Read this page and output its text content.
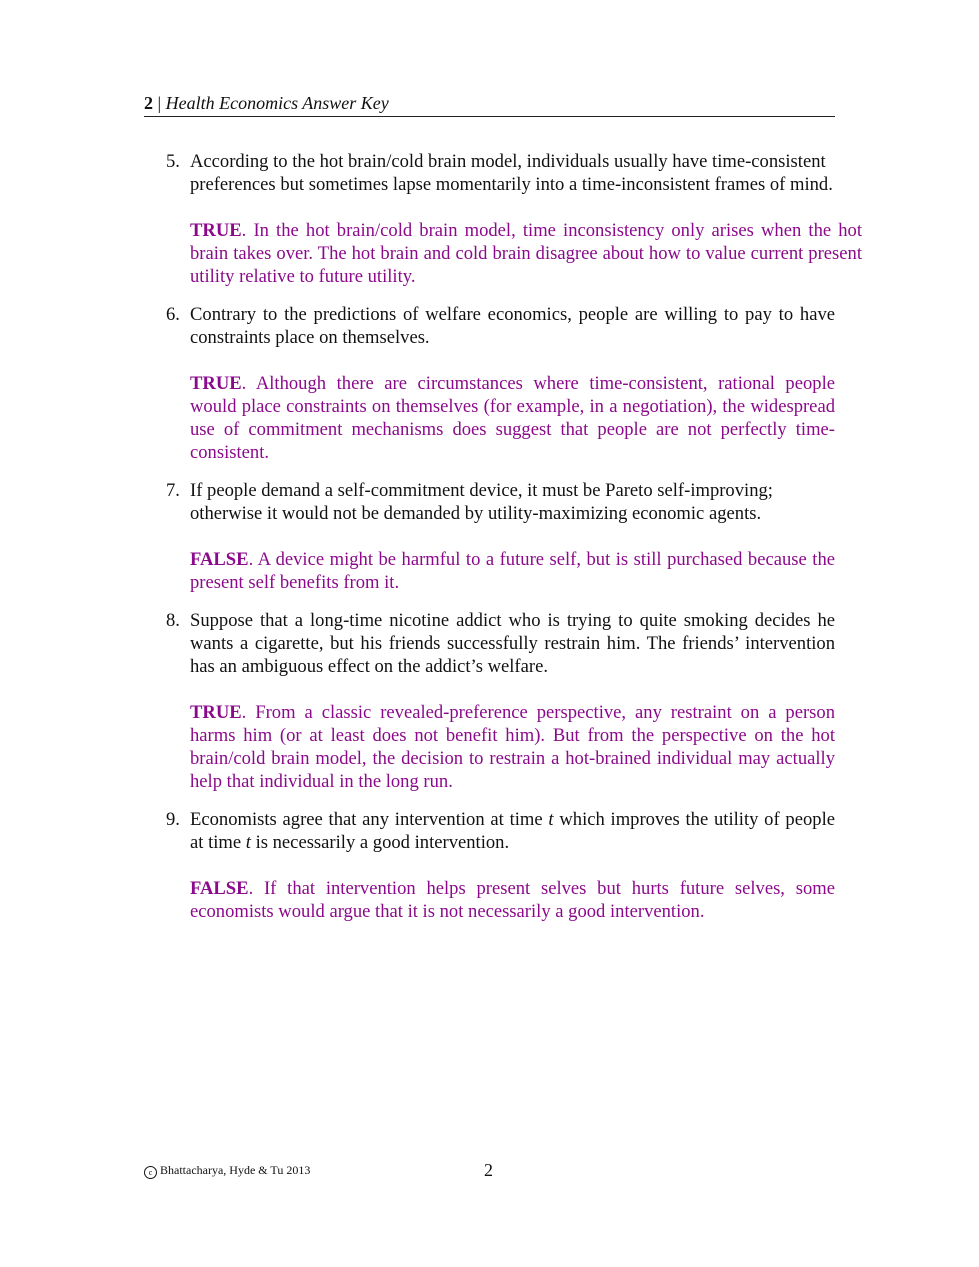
2 | Health Economics Answer Key
5. According to the hot brain/cold brain model, individuals usually have time-consistent preferences but sometimes lapse momentarily into a time-inconsistent frames of mind.
TRUE. In the hot brain/cold brain model, time inconsistency only arises when the hot brain takes over. The hot brain and cold brain disagree about how to value current present utility relative to future utility.
6. Contrary to the predictions of welfare economics, people are willing to pay to have constraints place on themselves.
TRUE. Although there are circumstances where time-consistent, rational people would place constraints on themselves (for example, in a negotiation), the widespread use of commitment mechanisms does suggest that people are not perfectly time-consistent.
7. If people demand a self-commitment device, it must be Pareto self-improving; otherwise it would not be demanded by utility-maximizing economic agents.
FALSE. A device might be harmful to a future self, but is still purchased because the present self benefits from it.
8. Suppose that a long-time nicotine addict who is trying to quite smoking decides he wants a cigarette, but his friends successfully restrain him. The friends’ intervention has an ambiguous effect on the addict’s welfare.
TRUE. From a classic revealed-preference perspective, any restraint on a person harms him (or at least does not benefit him). But from the perspective on the hot brain/cold brain model, the decision to restrain a hot-brained individual may actually help that individual in the long run.
9. Economists agree that any intervention at time t which improves the utility of people at time t is necessarily a good intervention.
FALSE. If that intervention helps present selves but hurts future selves, some economists would argue that it is not necessarily a good intervention.
c Bhattacharya, Hyde & Tu 2013	2
